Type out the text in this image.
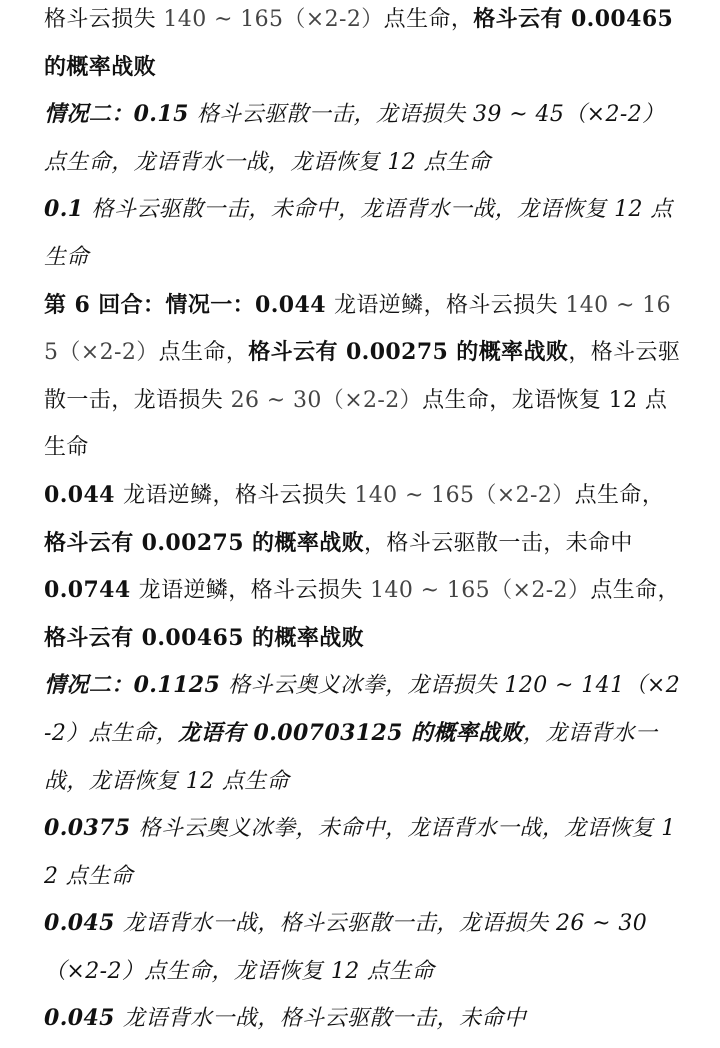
格斗云损失 140 ~ 165（×2-2）点生命，格斗云有 0.00465 的概率战败

情况二：0.15 格斗云驱散一击，龙语损失 39 ~ 45（×2-2）点生命，龙语背水一战，龙语恢复 12 点生命

0.1 格斗云驱散一击，未命中，龙语背水一战，龙语恢复 12 点生命

第 6 回合：情况一：0.044 龙语逆鳞，格斗云损失 140 ~ 165（×2-2）点生命，格斗云有 0.00275 的概率战败，格斗云驱散一击，龙语损失 26 ~ 30（×2-2）点生命，龙语恢复 12 点生命

0.044 龙语逆鳞，格斗云损失 140 ~ 165（×2-2）点生命，格斗云有 0.00275 的概率战败，格斗云驱散一击，未命中

0.0744 龙语逆鳞，格斗云损失 140 ~ 165（×2-2）点生命，格斗云有 0.00465 的概率战败

情况二：0.1125 格斗云奥义冰拳，龙语损失 120 ~ 141（×2-2）点生命，龙语有 0.00703125 的概率战败，龙语背水一战，龙语恢复 12 点生命

0.0375 格斗云奥义冰拳，未命中，龙语背水一战，龙语恢复 12 点生命

0.045 龙语背水一战，格斗云驱散一击，龙语损失 26 ~ 30（×2-2）点生命，龙语恢复 12 点生命

0.045 龙语背水一战，格斗云驱散一击，未命中
